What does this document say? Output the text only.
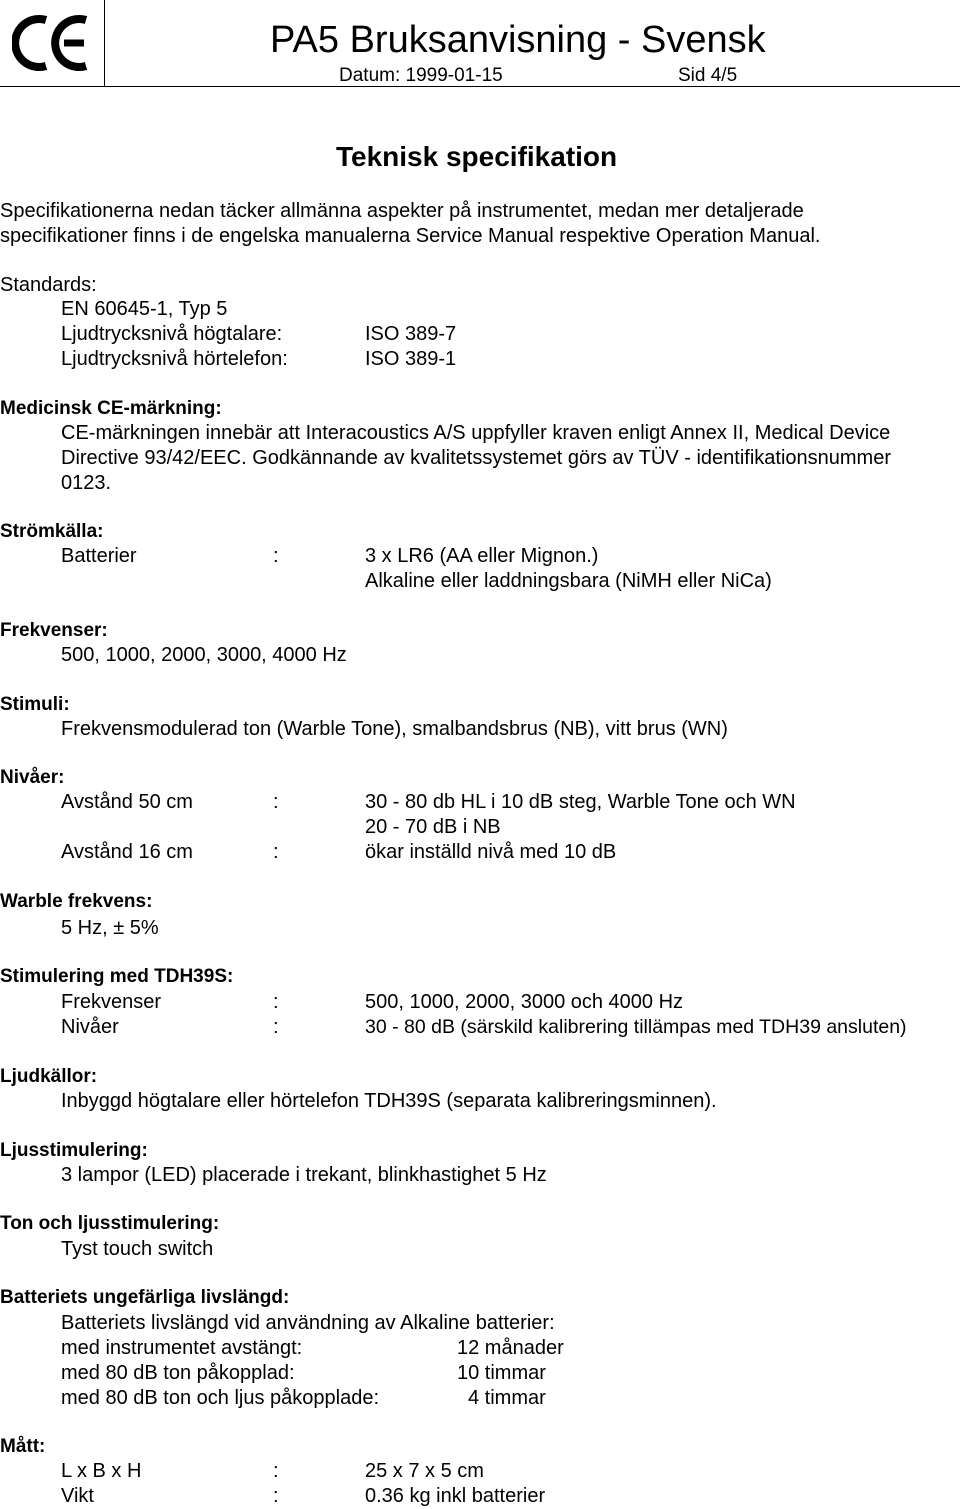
PA5 Bruksanvisning - Svensk
Datum: 1999-01-15	Sid 4/5
Teknisk specifikation
Specifikationerna nedan täcker allmänna aspekter på instrumentet, medan mer detaljerade
specifikationer finns i de engelska manualerna Service Manual respektive Operation Manual.
Standards:
EN 60645-1, Typ 5
Ljudtrycksnivå högtalare:	ISO 389-7
Ljudtrycksnivå hörtelefon:	ISO 389-1
Medicinsk CE-märkning:
CE-märkningen innebär att Interacoustics A/S uppfyller kraven enligt Annex II, Medical Device
Directive 93/42/EEC. Godkännande av kvalitetssystemet görs av TÜV - identifikationsnummer
0123.
Strömkälla:
Batterier	:	3 x LR6 (AA eller Mignon.)
Alkaline eller laddningsbara (NiMH eller NiCa)
Frekvenser:
500, 1000, 2000, 3000, 4000 Hz
Stimuli:
Frekvensmodulerad ton (Warble Tone), smalbandsbrus (NB), vitt brus (WN)
Nivåer:
Avstånd 50 cm	:	30 - 80 db HL i 10 dB steg, Warble Tone och WN
20 - 70 dB i NB
Avstånd 16 cm	:	ökar inställd nivå med 10 dB
Warble frekvens:
5 Hz, ± 5%
Stimulering med TDH39S:
Frekvenser	:	500, 1000, 2000, 3000 och 4000 Hz
Nivåer	:	30 - 80 dB (särskild kalibrering tillämpas med TDH39 ansluten)
Ljudkällor:
Inbyggd högtalare eller hörtelefon TDH39S (separata kalibreringsminnen).
Ljusstimulering:
3 lampor (LED) placerade i trekant, blinkhastighet 5 Hz
Ton och ljusstimulering:
Tyst touch switch
Batteriets ungefärliga livslängd:
Batteriets livslängd vid användning av Alkaline batterier:
med instrumentet avstängt:	12 månader
med 80 dB ton påkopplad:	10 timmar
med 80 dB ton och ljus påkopplade:	4 timmar
Mått:
L x B x H	:	25 x 7 x 5 cm
Vikt	:	0.36 kg inkl batterier
